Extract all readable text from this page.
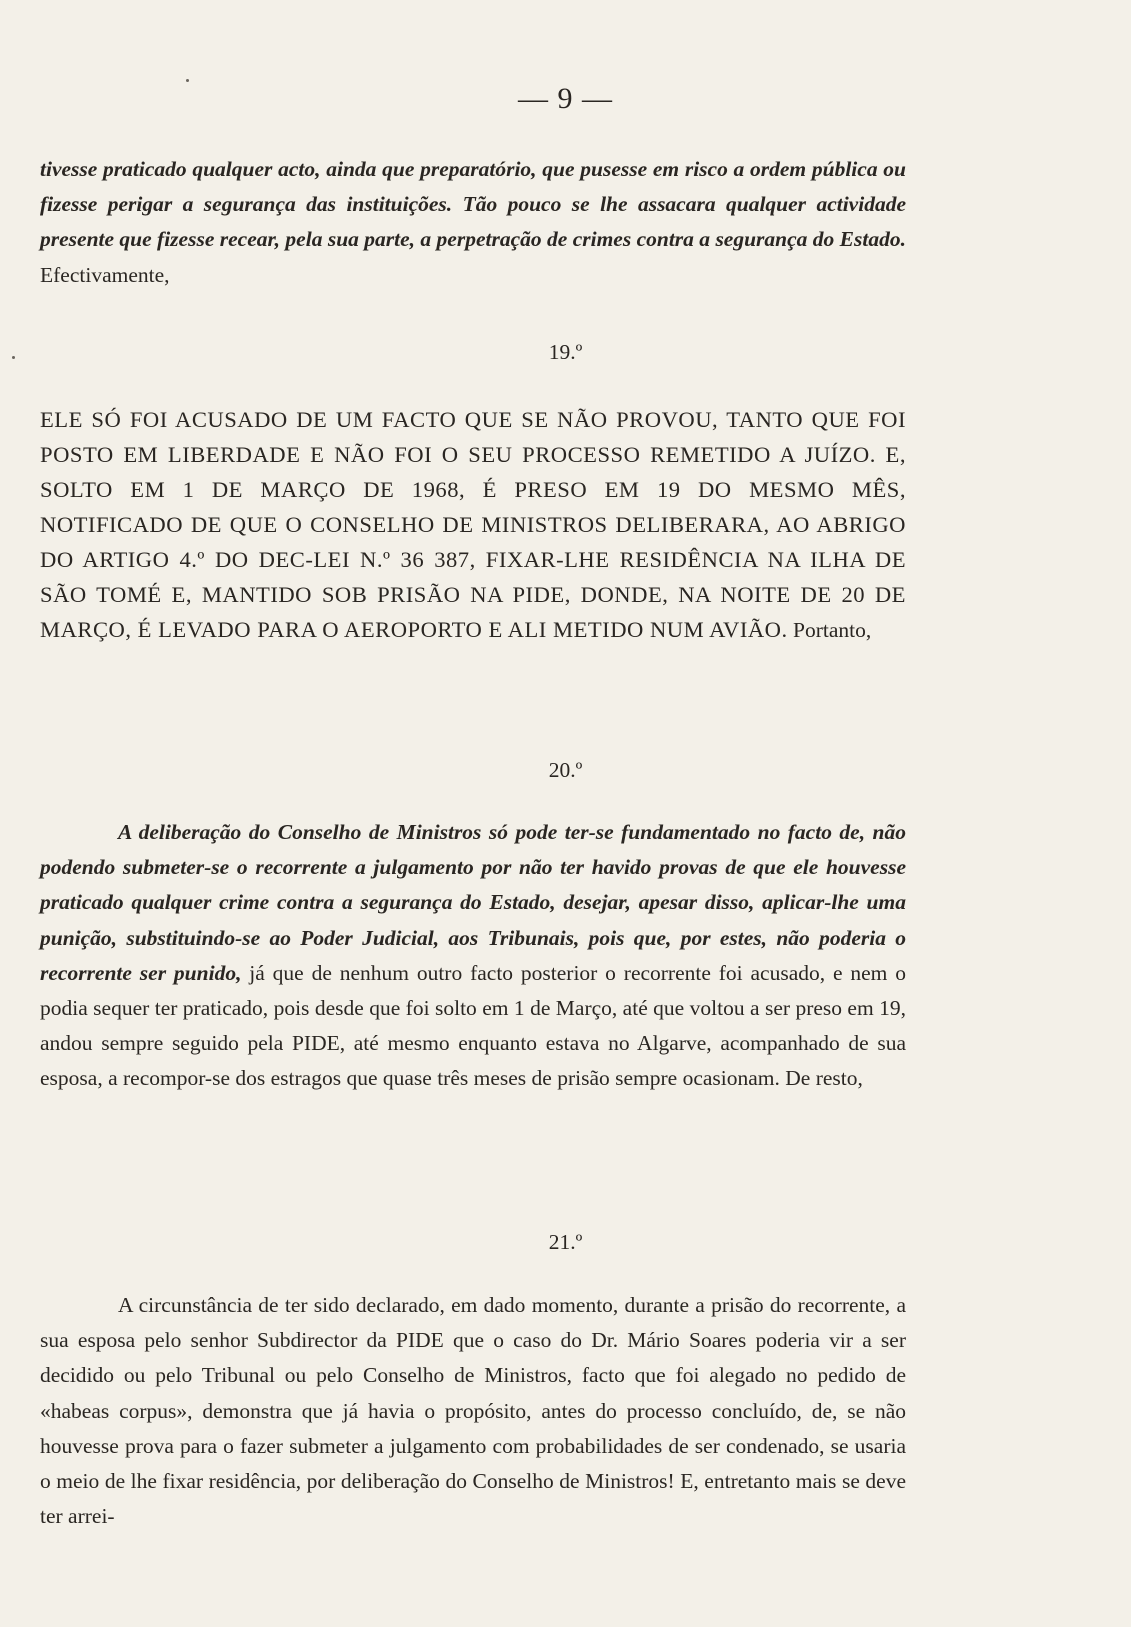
— 9 —

tivesse praticado qualquer acto, ainda que preparatório, que pusesse em risco a ordem pública ou fizesse perigar a segurança das instituições. Tão pouco se lhe assacara qualquer actividade presente que fizesse recear, pela sua parte, a perpetração de crimes contra a segurança do Estado. Efectivamente,

19.º

ELE SÓ FOI ACUSADO DE UM FACTO QUE SE NÃO PROVOU, TANTO QUE FOI POSTO EM LIBERDADE E NÃO FOI O SEU PROCESSO REMETIDO A JUÍZO. E, SOLTO EM 1 DE MARÇO DE 1968, É PRESO EM 19 DO MESMO MÊS, NOTIFICADO DE QUE O CONSELHO DE MINISTROS DELIBERARA, AO ABRIGO DO ARTIGO 4.º DO DEC-LEI N.º 36 387, FIXAR-LHE RESIDÊNCIA NA ILHA DE SÃO TOMÉ E, MANTIDO SOB PRISÃO NA PIDE, DONDE, NA NOITE DE 20 DE MARÇO, É LEVADO PARA O AEROPORTO E ALI METIDO NUM AVIÃO. Portanto,

20.º

A deliberação do Conselho de Ministros só pode ter-se fundamentado no facto de, não podendo submeter-se o recorrente a julgamento por não ter havido provas de que ele houvesse praticado qualquer crime contra a segurança do Estado, desejar, apesar disso, aplicar-lhe uma punição, substituindo-se ao Poder Judicial, aos Tribunais, pois que, por estes, não poderia o recorrente ser punido, já que de nenhum outro facto posterior o recorrente foi acusado, e nem o podia sequer ter praticado, pois desde que foi solto em 1 de Março, até que voltou a ser preso em 19, andou sempre seguido pela PIDE, até mesmo enquanto estava no Algarve, acompanhado de sua esposa, a recompor-se dos estragos que quase três meses de prisão sempre ocasionam. De resto,

21.º

A circunstância de ter sido declarado, em dado momento, durante a prisão do recorrente, a sua esposa pelo senhor Subdirector da PIDE que o caso do Dr. Mário Soares poderia vir a ser decidido ou pelo Tribunal ou pelo Conselho de Ministros, facto que foi alegado no pedido de «habeas corpus», demonstra que já havia o propósito, antes do processo concluído, de, se não houvesse prova para o fazer submeter a julgamento com probabilidades de ser condenado, se usaria o meio de lhe fixar residência, por deliberação do Conselho de Ministros! E, entretanto mais se deve ter arrei-
